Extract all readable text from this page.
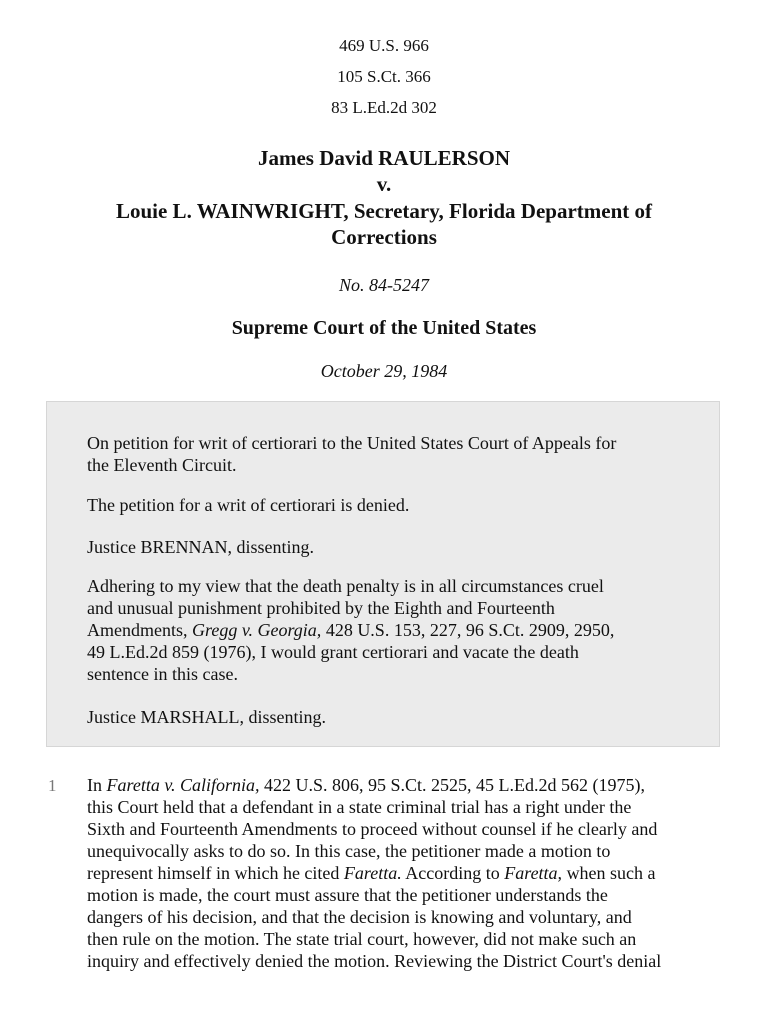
469 U.S. 966
105 S.Ct. 366
83 L.Ed.2d 302
James David RAULERSON
v.
Louie L. WAINWRIGHT, Secretary, Florida Department of
Corrections
No. 84-5247
Supreme Court of the United States
October 29, 1984

On petition for writ of certiorari to the United States Court of Appeals for
the Eleventh Circuit.

The petition for a writ of certiorari is denied.

Justice BRENNAN, dissenting.

Adhering to my view that the death penalty is in all circumstances cruel
and unusual punishment prohibited by the Eighth and Fourteenth
Amendments, Gregg v. Georgia, 428 U.S. 153, 227, 96 S.Ct. 2909, 2950,
49 L.Ed.2d 859 (1976), I would grant certiorari and vacate the death
sentence in this case.

Justice MARSHALL, dissenting.

1 In Faretta v. California, 422 U.S. 806, 95 S.Ct. 2525, 45 L.Ed.2d 562 (1975),
this Court held that a defendant in a state criminal trial has a right under the
Sixth and Fourteenth Amendments to proceed without counsel if he clearly and
unequivocally asks to do so. In this case, the petitioner made a motion to
represent himself in which he cited Faretta. According to Faretta, when such a
motion is made, the court must assure that the petitioner understands the
dangers of his decision, and that the decision is knowing and voluntary, and
then rule on the motion. The state trial court, however, did not make such an
inquiry and effectively denied the motion. Reviewing the District Court's denial
